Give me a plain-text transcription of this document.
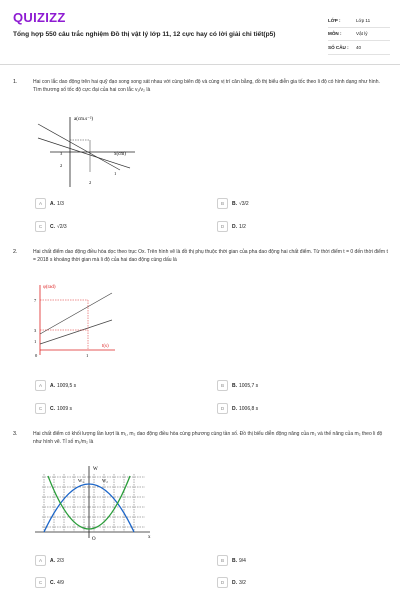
QUIZIZZ
Tổng hợp 550 câu trắc nghiệm Đồ thị vật lý lớp 11, 12 cực hay có lời giải chi tiết(p5)
LỚP :	Lớp 11
MÔN :	Vật lý
SỐ CÂU :	40
1.	Hai con lắc dao động trên hai quỹ đạo song song sát nhau với cùng biên độ và cùng vị trí cân bằng, đồ thị biểu diễn gia tốc theo li độ có hình dạng như hình. Tìm thương số tốc độ cực đại của hai con lắc v₁/v₂ là
a(cm.s⁻²)
x(cm)
3
2
1
2
A	A. 1/3	B	B. √3/2
C	C. √2/3	D	D. 1/2
2.	Hai chất điểm dao động điều hòa dọc theo trục Ox. Trên hình vẽ là đồ thị phụ thuộc thời gian của pha dao động hai chất điểm. Từ thời điểm t = 0 đến thời điểm t = 2018 s khoảng thời gian mà li độ của hai dao động cùng dấu là
φ(rad)
t(s)
7
3
1
0	1
A	A. 1009,5 s	B	B. 1005,7 s
C	C. 1009 s	D	D. 1006,8 s
3.	Hai chất điểm có khối lượng lần lượt là m₁, m₂ dao động điều hòa cùng phương cùng tần số. Đồ thị biểu diễn động năng của m₁ và thế năng của m₂ theo li độ như hình vẽ. Tỉ số m₁/m₂ là
O
W
x
W₁	W₂
A	A. 2/3	B	B. 9/4
C	C. 4/9	D	D. 3/2
